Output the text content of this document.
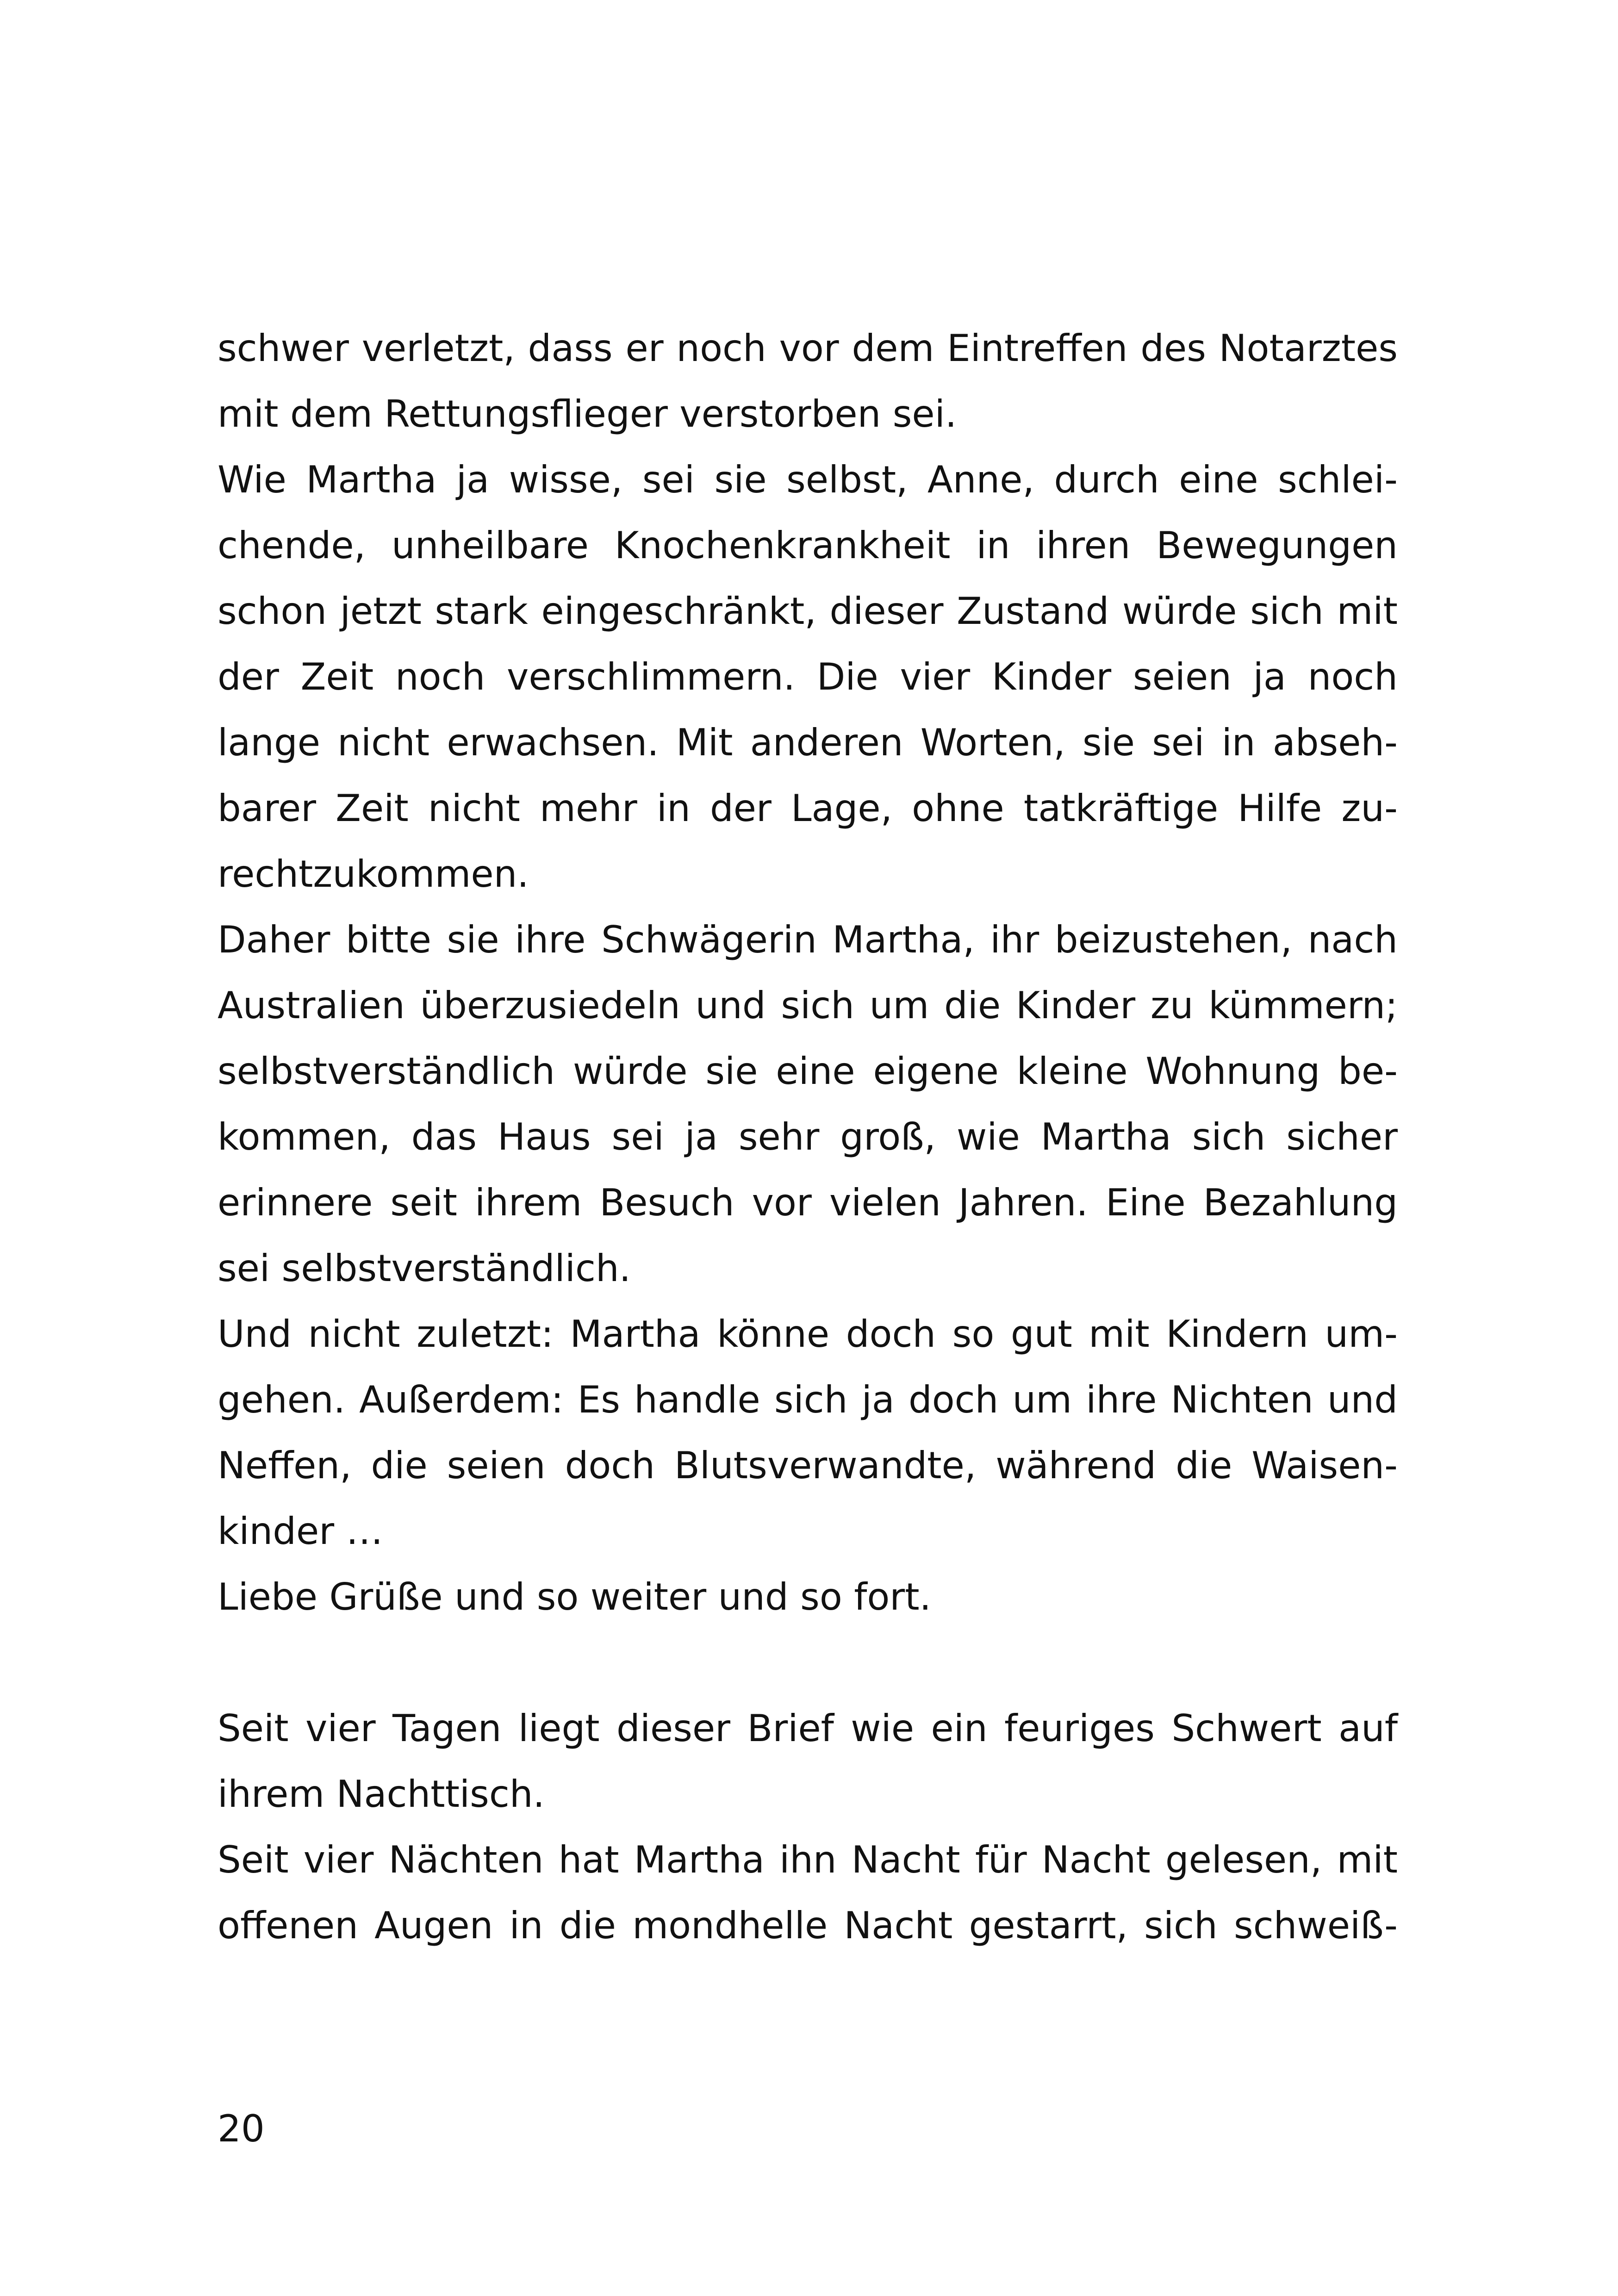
schwer verletzt, dass er noch vor dem Eintreffen des Notarztes
mit dem Rettungsflieger verstorben sei.
Wie Martha ja wisse, sei sie selbst, Anne, durch eine schlei-
chende, unheilbare Knochenkrankheit in ihren Bewegungen
schon jetzt stark eingeschränkt, dieser Zustand würde sich mit
der Zeit noch verschlimmern. Die vier Kinder seien ja noch
lange nicht erwachsen. Mit anderen Worten, sie sei in abseh-
barer Zeit nicht mehr in der Lage, ohne tatkräftige Hilfe zu-
rechtzukommen.
Daher bitte sie ihre Schwägerin Martha, ihr beizustehen, nach
Australien überzusiedeln und sich um die Kinder zu kümmern;
selbstverständlich würde sie eine eigene kleine Wohnung be-
kommen, das Haus sei ja sehr groß, wie Martha sich sicher
erinnere seit ihrem Besuch vor vielen Jahren. Eine Bezahlung
sei selbstverständlich.
Und nicht zuletzt: Martha könne doch so gut mit Kindern um-
gehen. Außerdem: Es handle sich ja doch um ihre Nichten und
Neffen, die seien doch Blutsverwandte, während die Waisen-
kinder …
Liebe Grüße und so weiter und so fort.
Seit vier Tagen liegt dieser Brief wie ein feuriges Schwert auf
ihrem Nachttisch.
Seit vier Nächten hat Martha ihn Nacht für Nacht gelesen, mit
offenen Augen in die mondhelle Nacht gestarrt, sich schweiß-
20
